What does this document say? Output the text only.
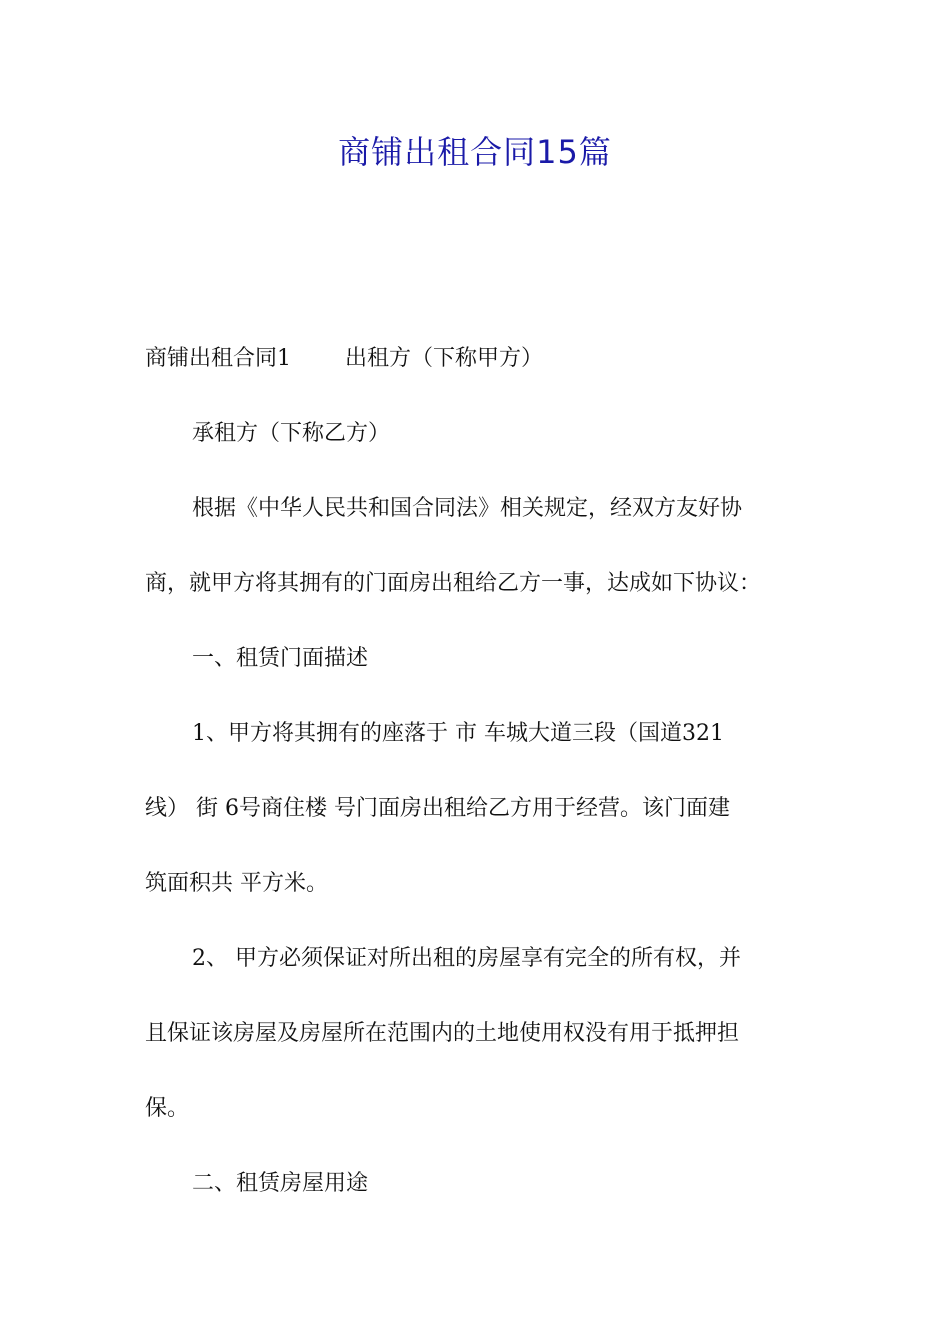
商铺出租合同15篇
商铺出租合同1 出租方（下称甲方）
承租方（下称乙方）
根据《中华人民共和国合同法》相关规定，经双方友好协
商，就甲方将其拥有的门面房出租给乙方一事，达成如下协议：
一、租赁门面描述
1、甲方将其拥有的座落于 市 车城大道三段（国道321
线） 街 6号商住楼 号门面房出租给乙方用于经营。该门面建
筑面积共 平方米。
2、 甲方必须保证对所出租的房屋享有完全的所有权，并
且保证该房屋及房屋所在范围内的土地使用权没有用于抵押担
保。
二、租赁房屋用途
